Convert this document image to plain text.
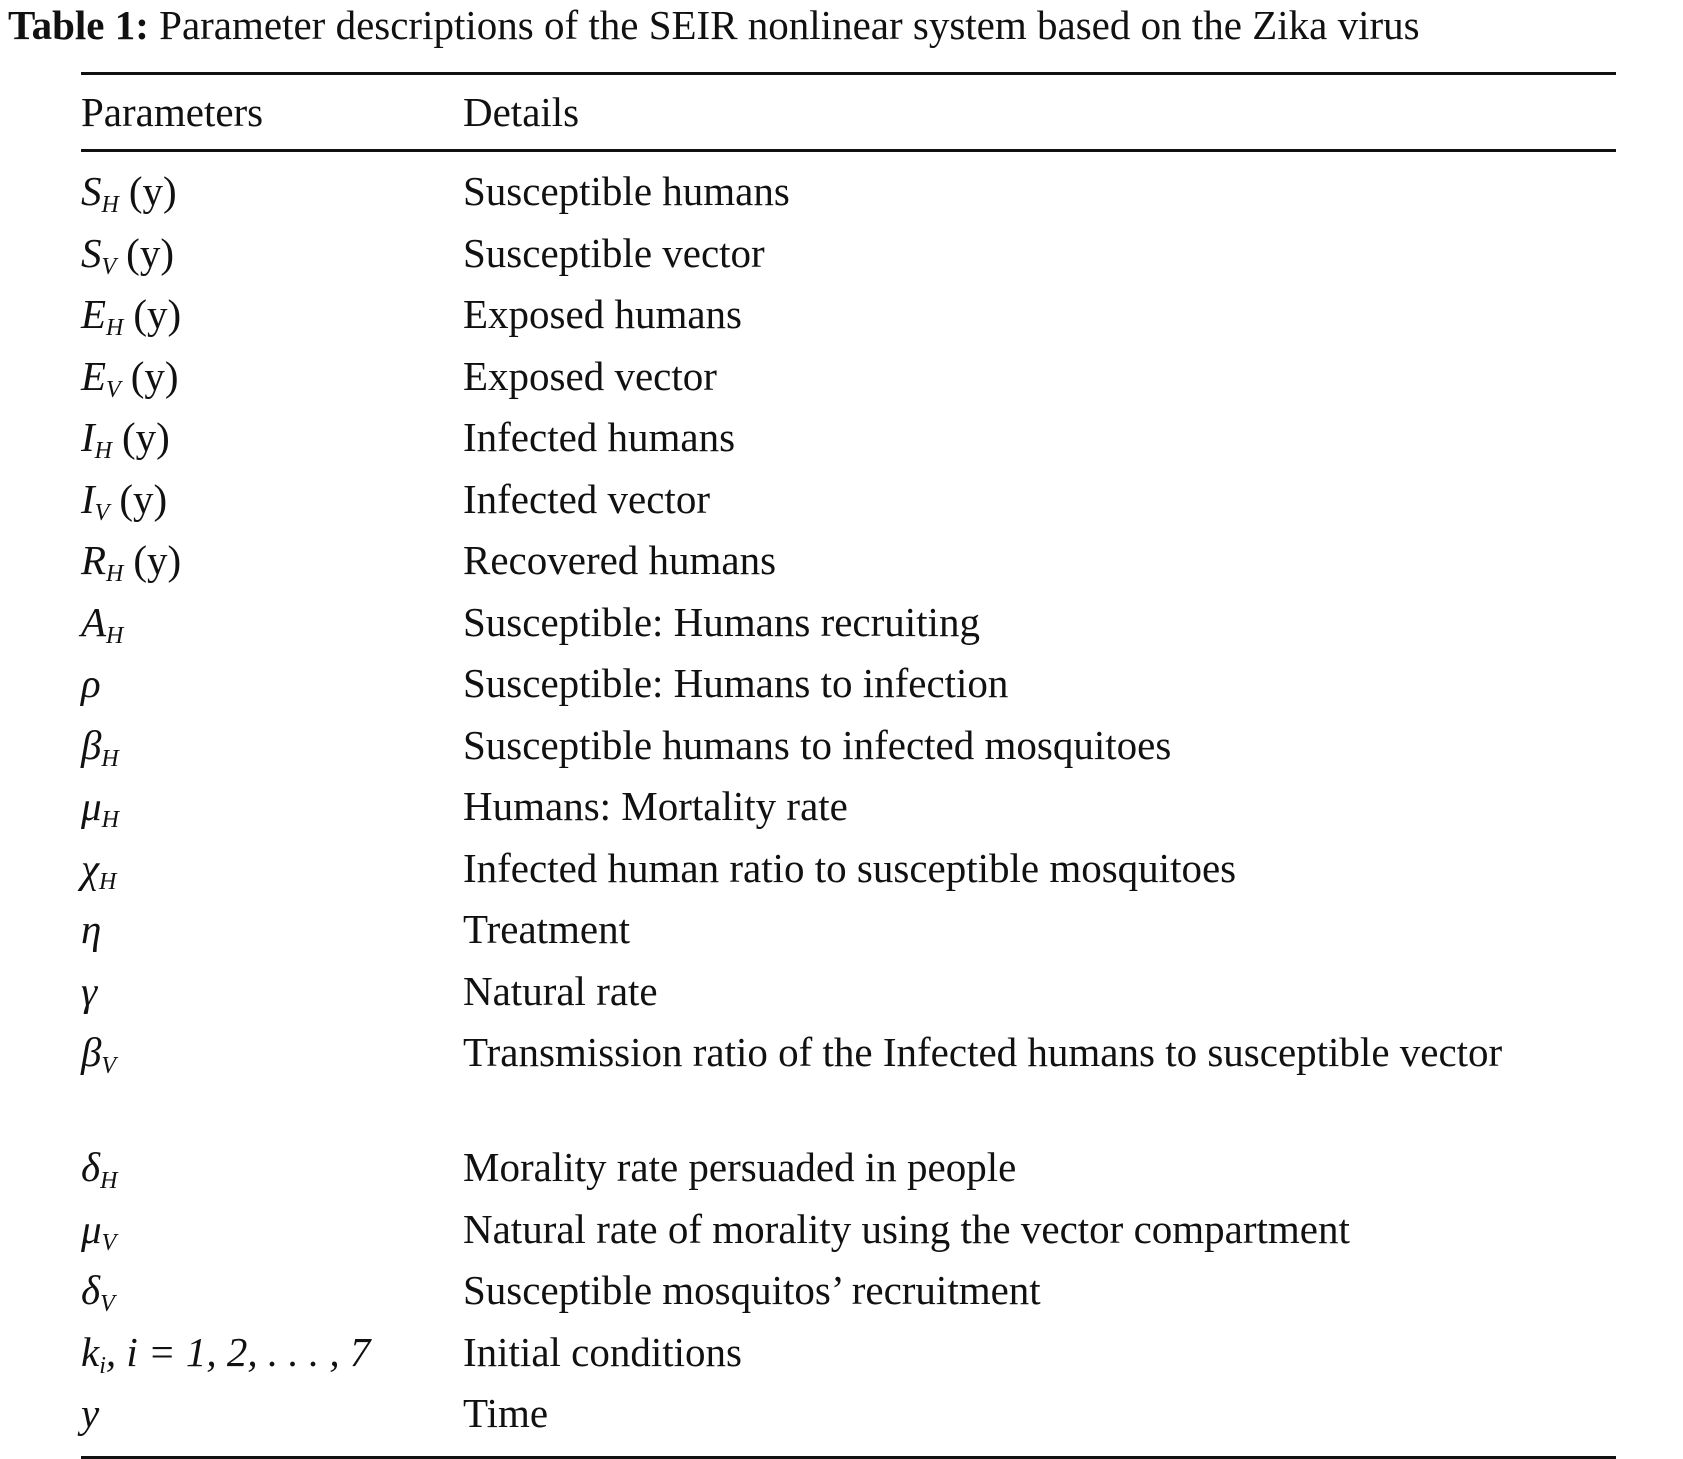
Table 1: Parameter descriptions of the SEIR nonlinear system based on the Zika virus
Parameters	Details
$S_H$ (y)	Susceptible humans
$S_V$ (y)	Susceptible vector
$E_H$ (y)	Exposed humans
$E_V$ (y)	Exposed vector
$I_H$ (y)	Infected humans
$I_V$ (y)	Infected vector
$R_H$ (y)	Recovered humans
$A_H$	Susceptible: Humans recruiting
ρ	Susceptible: Humans to infection
$\beta_H$	Susceptible humans to infected mosquitoes
$\mu_H$	Humans: Mortality rate
$\chi_H$	Infected human ratio to susceptible mosquitoes
η	Treatment
γ	Natural rate
$\beta_V$	Transmission ratio of the Infected humans to susceptible vector
$\delta_H$	Morality rate persuaded in people
$\mu_V$	Natural rate of morality using the vector compartment
$\delta_V$	Susceptible mosquitos’ recruitment
$k_i$, i = 1, 2, . . . , 7	Initial conditions
y	Time
